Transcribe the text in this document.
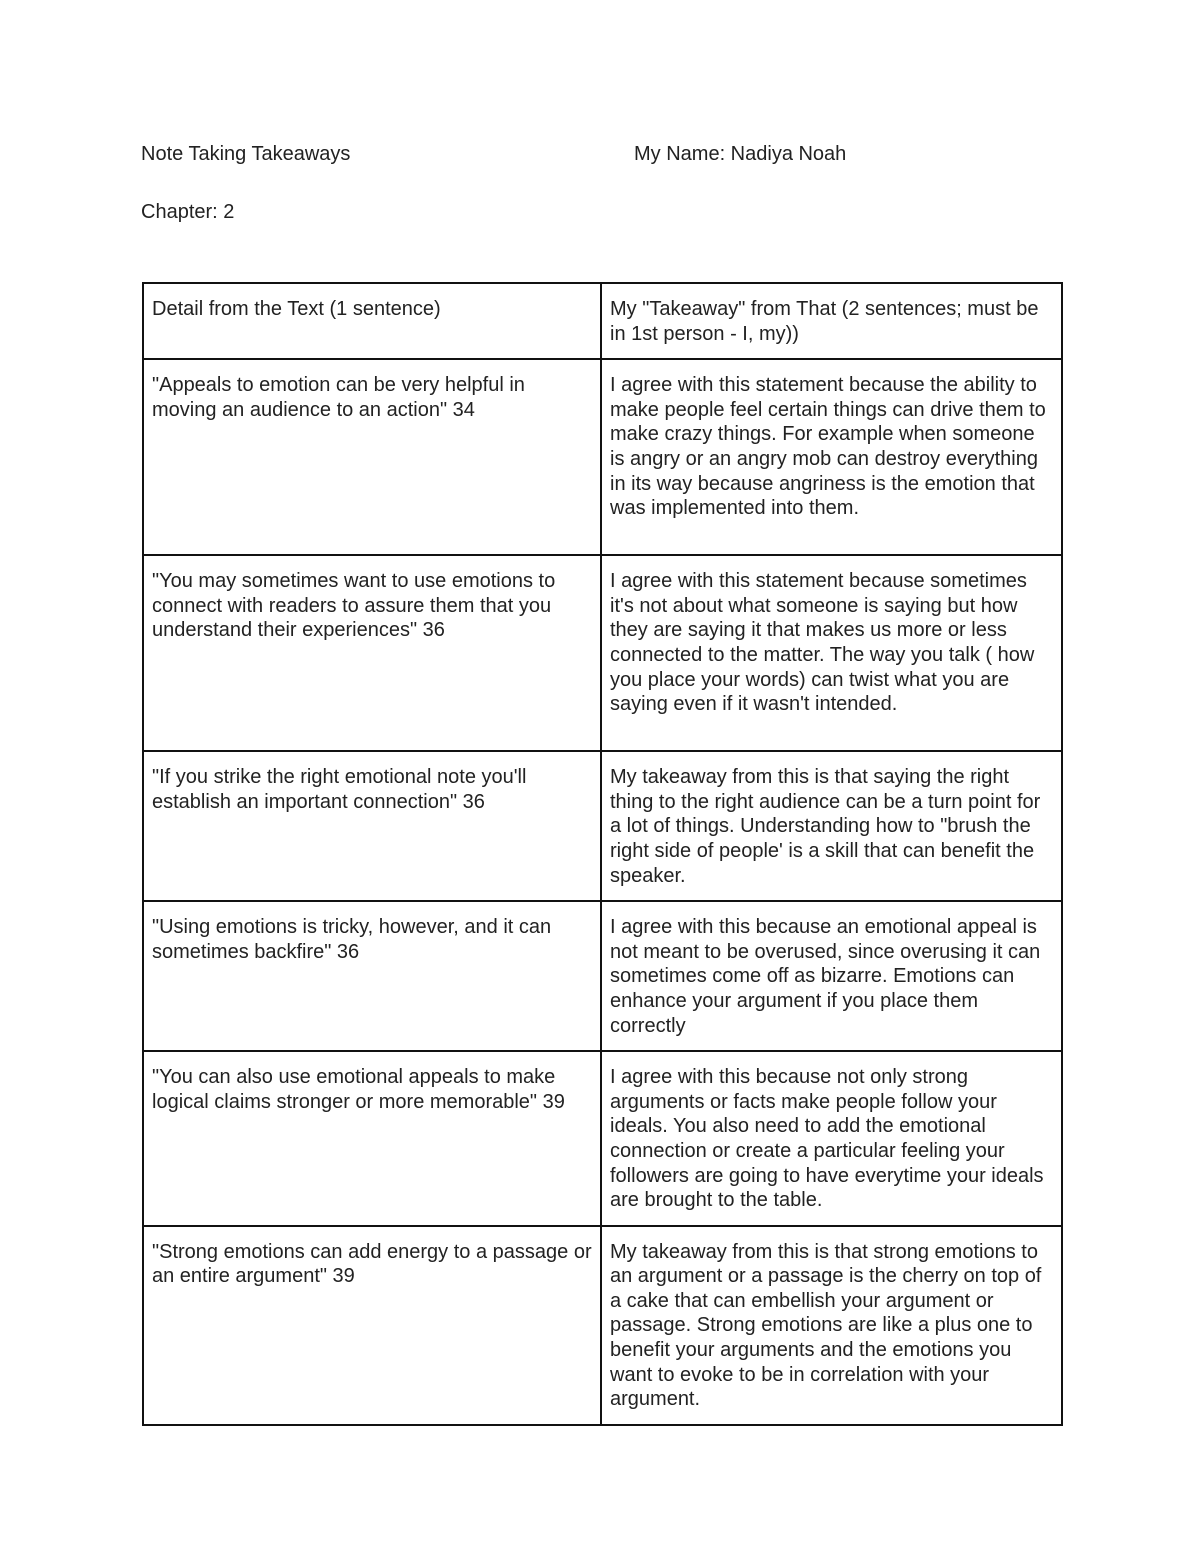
Note Taking Takeaways	My Name: Nadiya Noah
Chapter: 2
Detail from the Text (1 sentence)	My "Takeaway" from That (2 sentences; must be in 1st person - I, my))
"Appeals to emotion can be very helpful in moving an audience to an action" 34	I agree with this statement because the ability to make people feel certain things can drive them to make crazy things. For example when someone is angry or an angry mob can destroy everything in its way because angriness is the emotion that was implemented into them.
"You may sometimes want to use emotions to connect with readers to assure them that you understand their experiences" 36	I agree with this statement because sometimes it's not about what someone is saying but how they are saying it that makes us more or less connected to the matter. The way you talk ( how you place your words) can twist what you are saying even if it wasn't intended.
"If you strike the right emotional note you'll establish an important connection" 36	My takeaway from this is that saying the right thing to the right audience can be a turn point for a lot of things. Understanding how to "brush the right side of people' is a skill that can benefit the speaker.
"Using emotions is tricky, however, and it can sometimes backfire" 36	I agree with this because an emotional appeal is not meant to be overused, since overusing it can sometimes come off as bizarre. Emotions can enhance your argument if you place them correctly
"You can also use emotional appeals to make logical claims stronger or more memorable" 39	I agree with this because not only strong arguments or facts make people follow your ideals. You also need to add the emotional connection or create a particular feeling your followers are going to have everytime your ideals are brought to the table.
"Strong emotions can add energy to a passage or an entire argument" 39	My takeaway from this is that strong emotions to an argument or a passage is the cherry on top of a cake that can embellish your argument or passage. Strong emotions are like a plus one to benefit your arguments and the emotions you want to evoke to be in correlation with your argument.
